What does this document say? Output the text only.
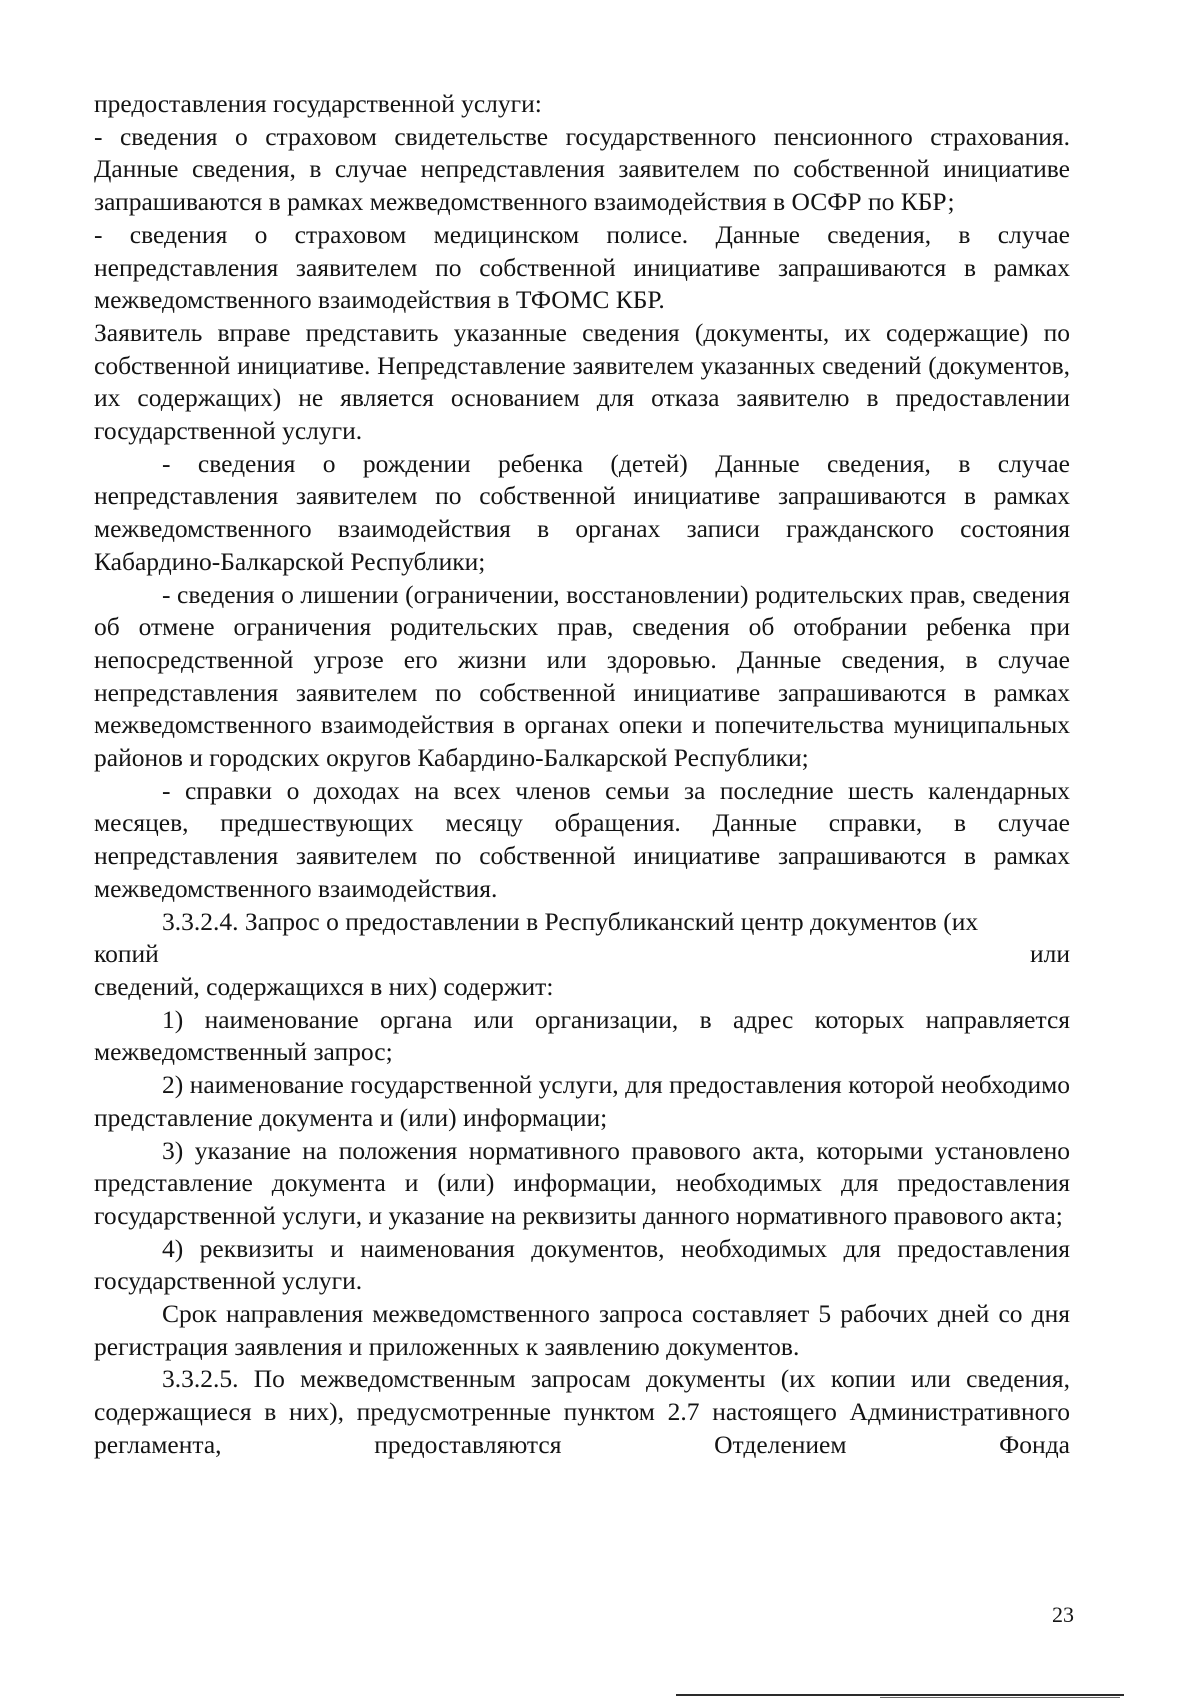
предоставления государственной услуги:

- сведения о страховом свидетельстве государственного пенсионного страхования. Данные сведения, в случае непредставления заявителем по собственной инициативе запрашиваются в рамках межведомственного взаимодействия в ОСФР по КБР;

- сведения о страховом медицинском полисе. Данные сведения, в случае непредставления заявителем по собственной инициативе запрашиваются в рамках межведомственного взаимодействия в ТФОМС КБР.

Заявитель вправе представить указанные сведения (документы, их содержащие) по собственной инициативе. Непредставление заявителем указанных сведений (документов, их содержащих) не является основанием для отказа заявителю в предоставлении государственной услуги.

- сведения о рождении ребенка (детей) Данные сведения, в случае непредставления заявителем по собственной инициативе запрашиваются в рамках межведомственного взаимодействия в органах записи гражданского состояния Кабардино-Балкарской Республики;

- сведения о лишении (ограничении, восстановлении) родительских прав, сведения об отмене ограничения родительских прав, сведения об отобрании ребенка при непосредственной угрозе его жизни или здоровью. Данные сведения, в случае непредставления заявителем по собственной инициативе запрашиваются в рамках межведомственного взаимодействия в органах опеки и попечительства муниципальных районов и городских округов Кабардино-Балкарской Республики;

- справки о доходах на всех членов семьи за последние шесть календарных месяцев, предшествующих месяцу обращения. Данные справки, в случае непредставления заявителем по собственной инициативе запрашиваются в рамках межведомственного взаимодействия.

3.3.2.4. Запрос о предоставлении в Республиканский центр документов (их

копий	или

сведений, содержащихся в них) содержит:

1) наименование органа или организации, в адрес которых направляется межведомственный запрос;

2) наименование государственной услуги, для предоставления которой необходимо представление документа и (или) информации;

3) указание на положения нормативного правового акта, которыми установлено представление документа и (или) информации, необходимых для предоставления государственной услуги, и указание на реквизиты данного нормативного правового акта;

4) реквизиты и наименования документов, необходимых для предоставления государственной услуги.

Срок направления межведомственного запроса составляет 5 рабочих дней со дня регистрация заявления и приложенных к заявлению документов.

3.3.2.5. По межведомственным запросам документы (их копии или сведения, содержащиеся в них), предусмотренные пунктом 2.7 настоящего Административного регламента, предоставляются Отделением Фонда

23
